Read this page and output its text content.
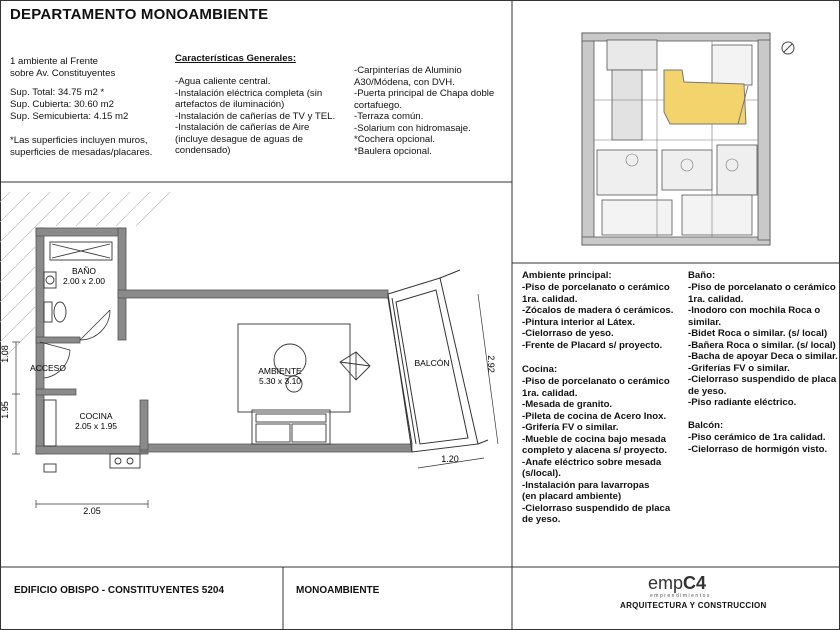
DEPARTAMENTO MONOAMBIENTE
1 ambiente al Frente
sobre Av. Constituyentes
Sup. Total: 34.75 m2 *
Sup. Cubierta: 30.60 m2
Sup. Semicubierta: 4.15 m2
*Las superficies incluyen muros,
superficies de mesadas/placares.
Características Generales:
-Agua caliente central.
-Instalación eléctrica completa (sin
artefactos de iluminación)
-Instalación de cañerías de TV y TEL.
-Instalación de cañerías de Aire
(incluye desague de aguas de
condensado)
-Carpinterías de Aluminio
A30/Módena, con DVH.
-Puerta principal de Chapa doble
cortafuego.
-Terraza común.
-Solarium con hidromasaje.
*Cochera opcional.
*Baulera opcional.
1.08
1.95
2.05
2.92
1.20
BAÑO
2.00 x 2.00
ACCESO
COCINA
2.05 x 1.95
AMBIENTE
5.30 x 3.10
BALCÓN
Ambiente principal:
-Piso de porcelanato o cerámico
1ra. calidad.
-Zócalos de madera ó cerámicos.
-Pintura interior al Látex.
-Cielorraso de yeso.
-Frente de Placard s/ proyecto.
Cocina:
-Piso de porcelanato o cerámico
1ra. calidad.
-Mesada de granito.
-Pileta de cocina de Acero Inox.
-Grifería FV o similar.
-Mueble de cocina bajo mesada
completo y alacena s/ proyecto.
-Anafe eléctrico sobre mesada
(s/local).
-Instalación para lavarropas
(en placard ambiente)
-Cielorraso suspendido de placa
de yeso.
Baño:
-Piso de porcelanato o cerámico
1ra. calidad.
-Inodoro con mochila Roca o
similar.
-Bidet Roca o similar. (s/ local)
-Bañera Roca o similar. (s/ local)
-Bacha de apoyar Deca o similar.
-Griferías FV o similar.
-Cielorraso suspendido de placa
de yeso.
-Piso radiante eléctrico.
Balcón:
-Piso cerámico de 1ra calidad.
-Cielorraso de hormigón visto.
EDIFICIO OBISPO - CONSTITUYENTES 5204	MONOAMBIENTE	empC4
emprendimientos
ARQUITECTURA Y CONSTRUCCION
